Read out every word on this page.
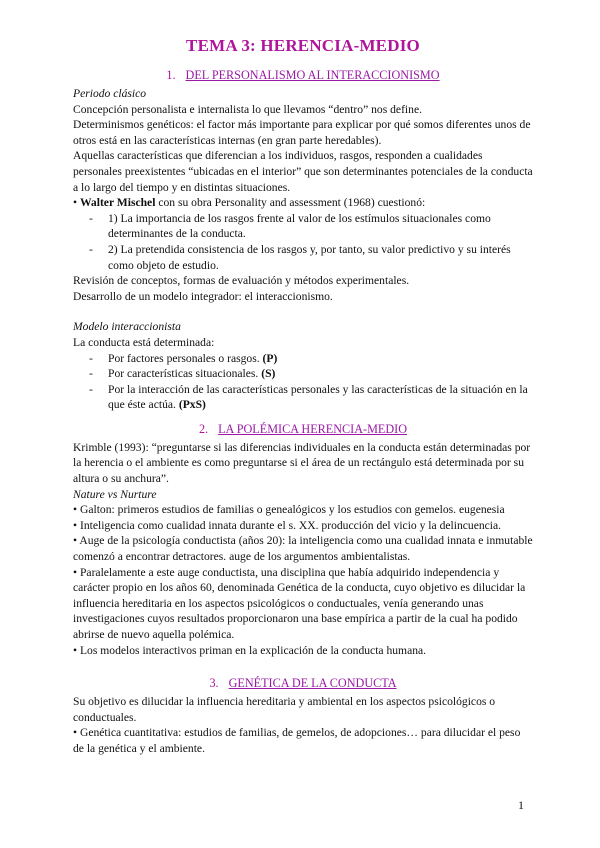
TEMA 3: HERENCIA-MEDIO
1. DEL PERSONALISMO AL INTERACCIONISMO

Periodo clásico

Concepción personalista e internalista lo que llevamos “dentro” nos define.

Determinismos genéticos: el factor más importante para explicar por qué somos diferentes unos de otros está en las características internas (en gran parte heredables).

Aquellas características que diferencian a los individuos, rasgos, responden a cualidades personales preexistentes “ubicadas en el interior” que son determinantes potenciales de la conducta a lo largo del tiempo y en distintas situaciones.

• Walter Mischel con su obra Personality and assessment (1968) cuestionó:

- 1) La importancia de los rasgos frente al valor de los estímulos situacionales como determinantes de la conducta.
- 2) La pretendida consistencia de los rasgos y, por tanto, su valor predictivo y su interés como objeto de estudio.

Revisión de conceptos, formas de evaluación y métodos experimentales.

Desarrollo de un modelo integrador: el interaccionismo.

Modelo interaccionista

La conducta está determinada:

- Por factores personales o rasgos. (P)
- Por características situacionales. (S)
- Por la interacción de las características personales y las características de la situación en la que éste actúa. (PxS)
2. LA POLÉMICA HERENCIA-MEDIO

Krimble (1993): “preguntarse si las diferencias individuales en la conducta están determinadas por la herencia o el ambiente es como preguntarse si el área de un rectángulo está determinada por su altura o su anchura”.

Nature vs Nurture

• Galton: primeros estudios de familias o genealógicos y los estudios con gemelos. eugenesia

• Inteligencia como cualidad innata durante el s. XX. producción del vicio y la delincuencia.

• Auge de la psicología conductista (años 20): la inteligencia como una cualidad innata e inmutable comenzó a encontrar detractores. auge de los argumentos ambientalistas.

• Paralelamente a este auge conductista, una disciplina que había adquirido independencia y carácter propio en los años 60, denominada Genética de la conducta, cuyo objetivo es dilucidar la influencia hereditaria en los aspectos psicológicos o conductuales, venía generando unas investigaciones cuyos resultados proporcionaron una base empírica a partir de la cual ha podido abrirse de nuevo aquella polémica.

• Los modelos interactivos priman en la explicación de la conducta humana.

3. GENÉTICA DE LA CONDUCTA

Su objetivo es dilucidar la influencia hereditaria y ambiental en los aspectos psicológicos o conductuales.

• Genética cuantitativa: estudios de familias, de gemelos, de adopciones… para dilucidar el peso de la genética y el ambiente.

1
